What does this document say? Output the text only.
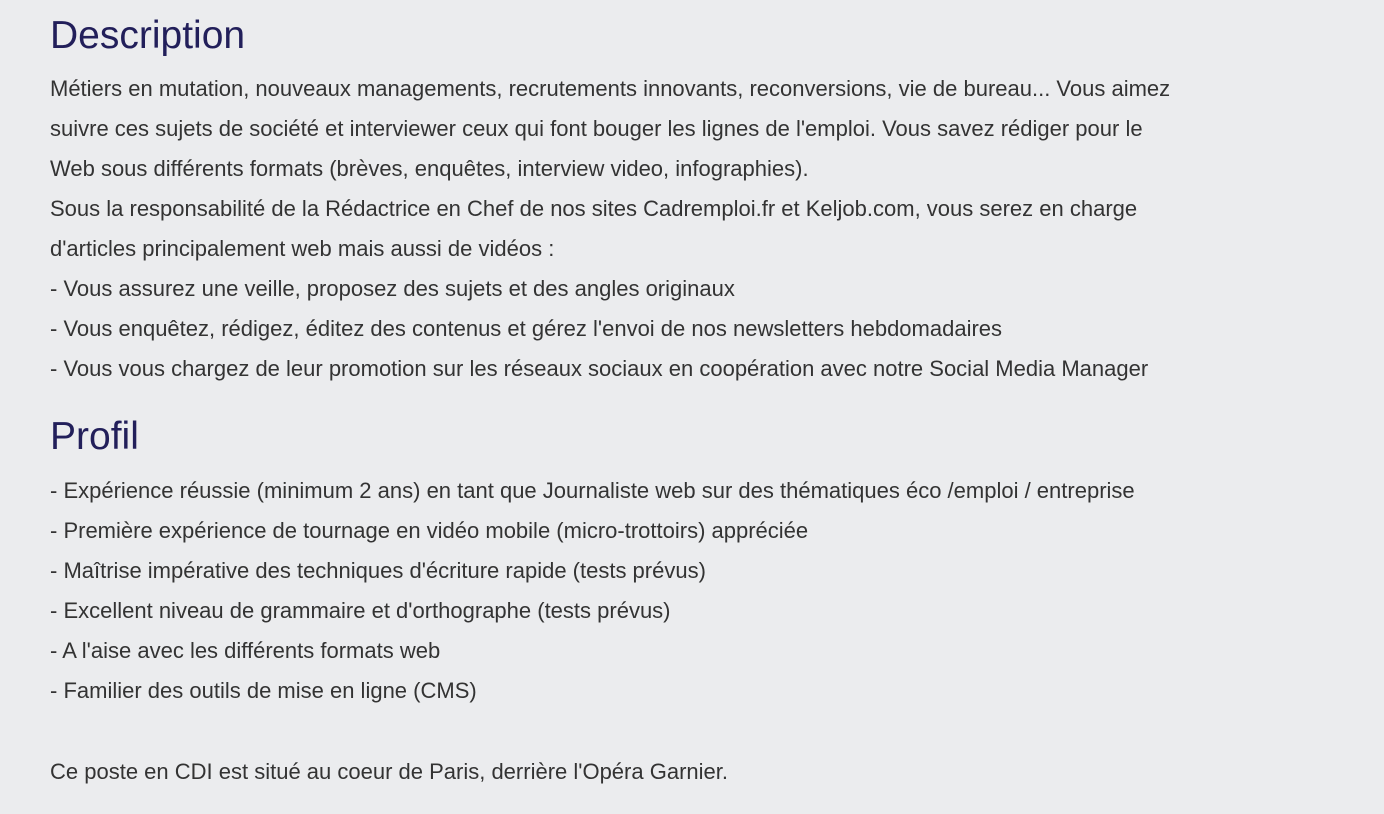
Description
Métiers en mutation, nouveaux managements, recrutements innovants, reconversions, vie de bureau... Vous aimez
suivre ces sujets de société et interviewer ceux qui font bouger les lignes de l'emploi. Vous savez rédiger pour le
Web sous différents formats (brèves, enquêtes, interview video, infographies).
Sous la responsabilité de la Rédactrice en Chef de nos sites Cadremploi.fr et Keljob.com, vous serez en charge
d'articles principalement web mais aussi de vidéos :
- Vous assurez une veille, proposez des sujets et des angles originaux
- Vous enquêtez, rédigez, éditez des contenus et gérez l'envoi de nos newsletters hebdomadaires
- Vous vous chargez de leur promotion sur les réseaux sociaux en coopération avec notre Social Media Manager
Profil
- Expérience réussie (minimum 2 ans) en tant que Journaliste web sur des thématiques éco /emploi / entreprise
- Première expérience de tournage en vidéo mobile (micro-trottoirs) appréciée
- Maîtrise impérative des techniques d'écriture rapide (tests prévus)
- Excellent niveau de grammaire et d'orthographe (tests prévus)
- A l'aise avec les différents formats web
- Familier des outils de mise en ligne (CMS)
Ce poste en CDI est situé au coeur de Paris, derrière l'Opéra Garnier.
